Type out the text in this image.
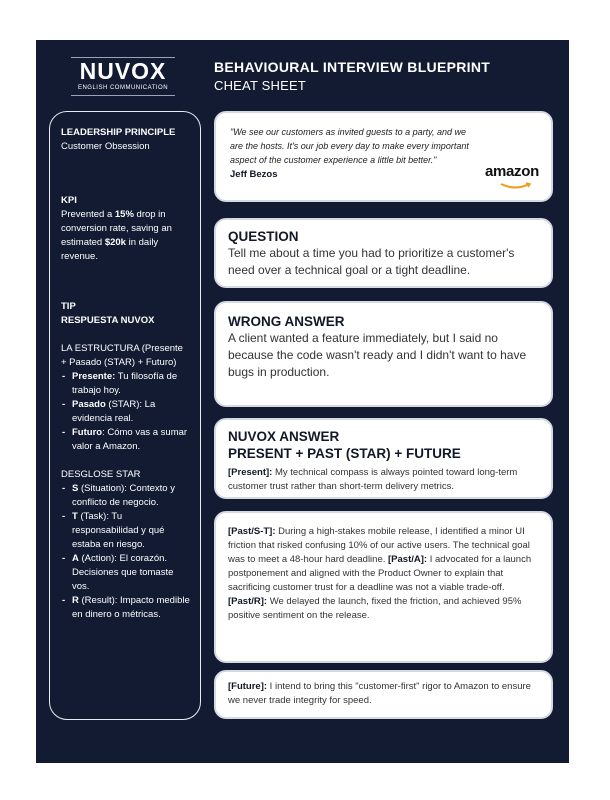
NUVOX
ENGLISH COMMUNICATION
BEHAVIOURAL INTERVIEW BLUEPRINT
CHEAT SHEET
LEADERSHIP PRINCIPLE
Customer Obsession
KPI
Prevented a 15% drop in conversion rate, saving an estimated $20k in daily revenue.
TIP
RESPUESTA NUVOX
LA ESTRUCTURA (Presente + Pasado (STAR) + Futuro)
- Presente: Tu filosofía de trabajo hoy.
- Pasado (STAR): La evidencia real.
- Futuro: Cómo vas a sumar valor a Amazon.
DESGLOSE STAR
- S (Situation): Contexto y conflicto de negocio.
- T (Task): Tu responsabilidad y qué estaba en riesgo.
- A (Action): El corazón. Decisiones que tomaste vos.
- R (Result): Impacto medible en dinero o métricas.
"We see our customers as invited guests to a party, and we are the hosts. It's our job every day to make every important aspect of the customer experience a little bit better."
Jeff Bezos	amazon
QUESTION
Tell me about a time you had to prioritize a customer's need over a technical goal or a tight deadline.
WRONG ANSWER
A client wanted a feature immediately, but I said no because the code wasn't ready and I didn't want to have bugs in production.
NUVOX ANSWER
PRESENT + PAST (STAR) + FUTURE
[Present]: My technical compass is always pointed toward long-term customer trust rather than short-term delivery metrics.
[Past/S-T]: During a high-stakes mobile release, I identified a minor UI friction that risked confusing 10% of our active users. The technical goal was to meet a 48-hour hard deadline. [Past/A]: I advocated for a launch postponement and aligned with the Product Owner to explain that sacrificing customer trust for a deadline was not a viable trade-off. [Past/R]: We delayed the launch, fixed the friction, and achieved 95% positive sentiment on the release.
[Future]: I intend to bring this "customer-first" rigor to Amazon to ensure we never trade integrity for speed.
